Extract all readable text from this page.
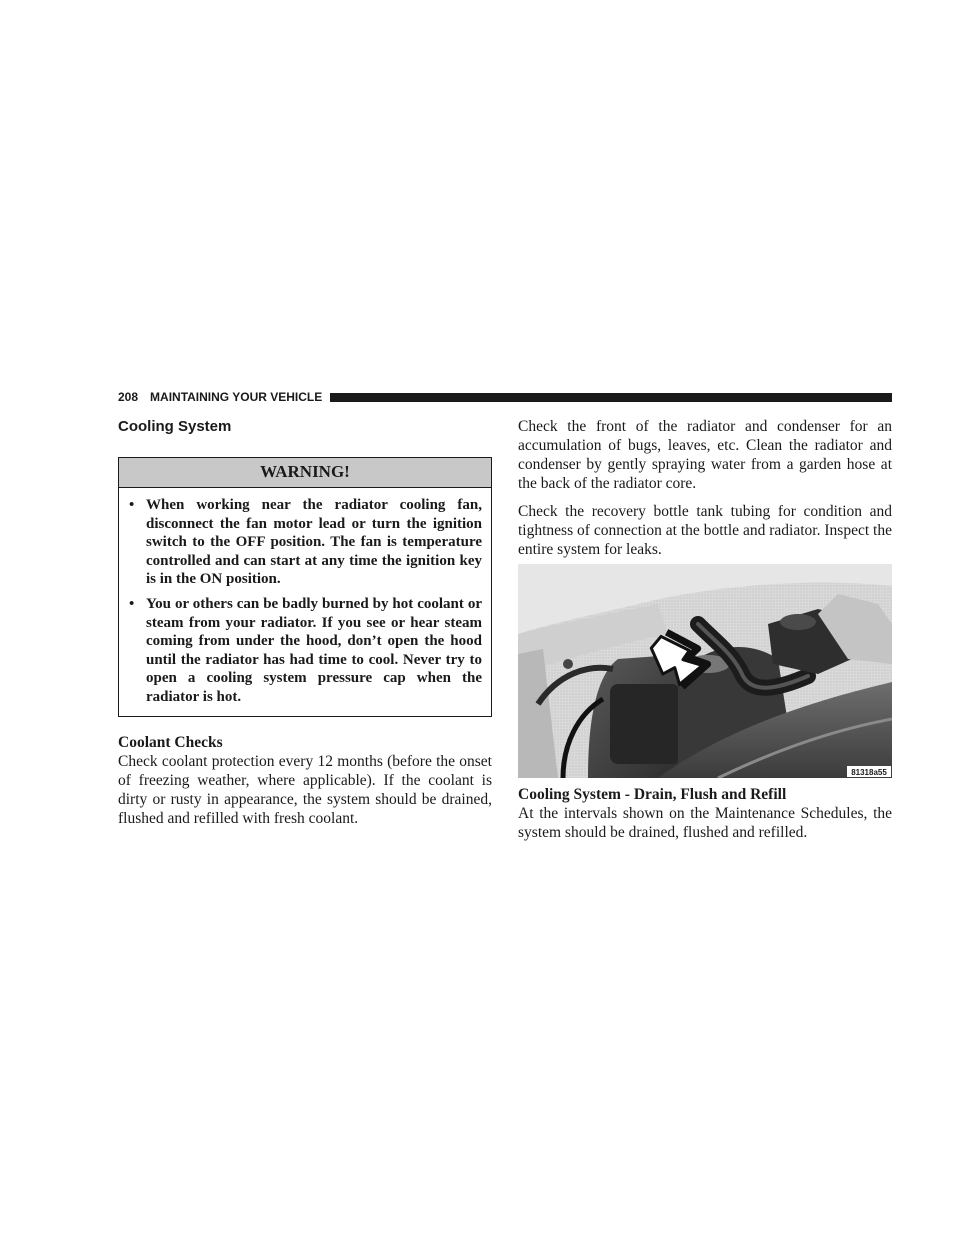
208 MAINTAINING YOUR VEHICLE
Cooling System
WARNING!
• When working near the radiator cooling fan, disconnect the fan motor lead or turn the ignition switch to the OFF position. The fan is temperature controlled and can start at any time the ignition key is in the ON position.
• You or others can be badly burned by hot coolant or steam from your radiator. If you see or hear steam coming from under the hood, don’t open the hood until the radiator has had time to cool. Never try to open a cooling system pressure cap when the radiator is hot.
Coolant Checks

Check coolant protection every 12 months (before the onset of freezing weather, where applicable). If the coolant is dirty or rusty in appearance, the system should be drained, flushed and refilled with fresh coolant.

Check the front of the radiator and condenser for an accumulation of bugs, leaves, etc. Clean the radiator and condenser by gently spraying water from a garden hose at the back of the radiator core.

Check the recovery bottle tank tubing for condition and tightness of connection at the bottle and radiator. Inspect the entire system for leaks.

81318a55
Cooling System - Drain, Flush and Refill

At the intervals shown on the Maintenance Schedules, the system should be drained, flushed and refilled.
